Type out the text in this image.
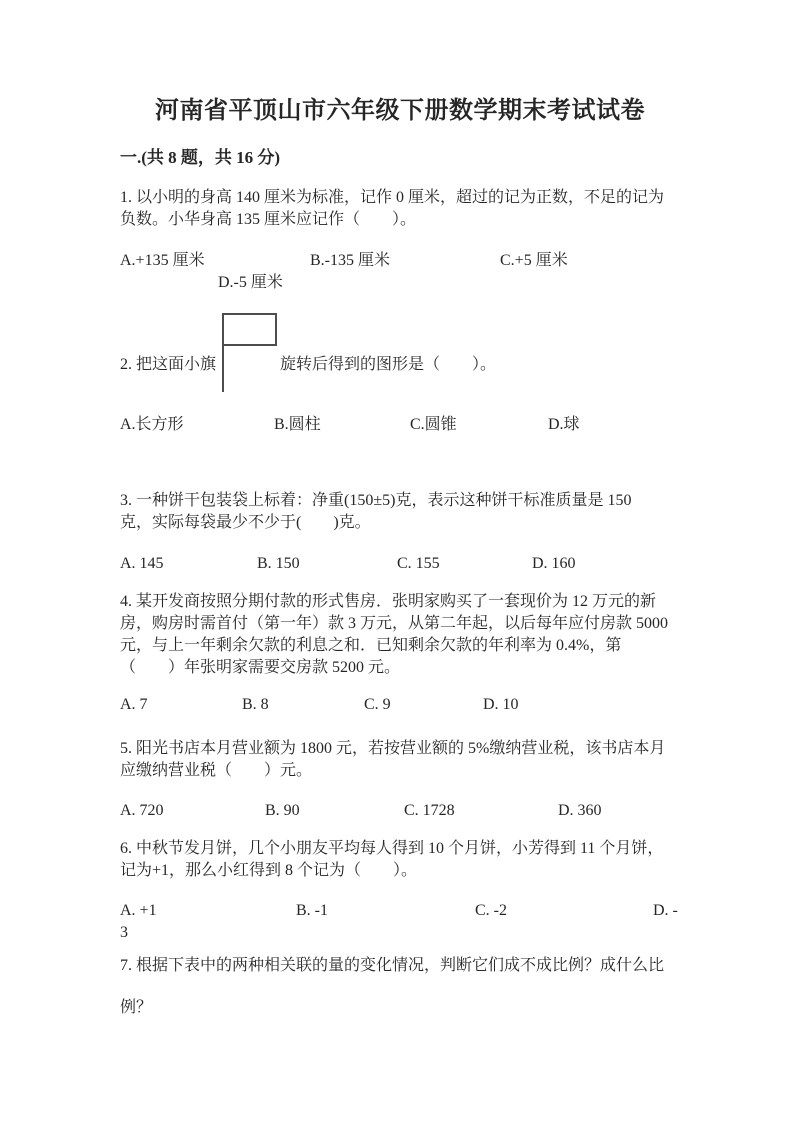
河南省平顶山市六年级下册数学期末考试试卷
一.(共 8 题，共 16 分)
1. 以小明的身高 140 厘米为标准，记作 0 厘米，超过的记为正数，不足的记为
负数。小华身高 135 厘米应记作（　　）。
A.+135 厘米	B.-135 厘米	C.+5 厘米
D.-5 厘米
2. 把这面小旗	旋转后得到的图形是（　　）。
A.长方形	B.圆柱	C.圆锥	D.球
3. 一种饼干包装袋上标着：净重(150±5)克，表示这种饼干标准质量是 150
克，实际每袋最少不少于(　　)克。
A. 145	B. 150	C. 155	D. 160
4. 某开发商按照分期付款的形式售房．张明家购买了一套现价为 12 万元的新
房，购房时需首付（第一年）款 3 万元，从第二年起，以后每年应付房款 5000
元，与上一年剩余欠款的利息之和．已知剩余欠款的年利率为 0.4%，第
（　　）年张明家需要交房款 5200 元。
A. 7	B. 8	C. 9	D. 10
5. 阳光书店本月营业额为 1800 元，若按营业额的 5%缴纳营业税，该书店本月
应缴纳营业税（　　）元。
A. 720	B. 90	C. 1728	D. 360
6. 中秋节发月饼，几个小朋友平均每人得到 10 个月饼，小芳得到 11 个月饼，
记为+1，那么小红得到 8 个记为（　　）。
A. +1	B. -1	C. -2	D. -
3
7. 根据下表中的两种相关联的量的变化情况，判断它们成不成比例？成什么比
例？
